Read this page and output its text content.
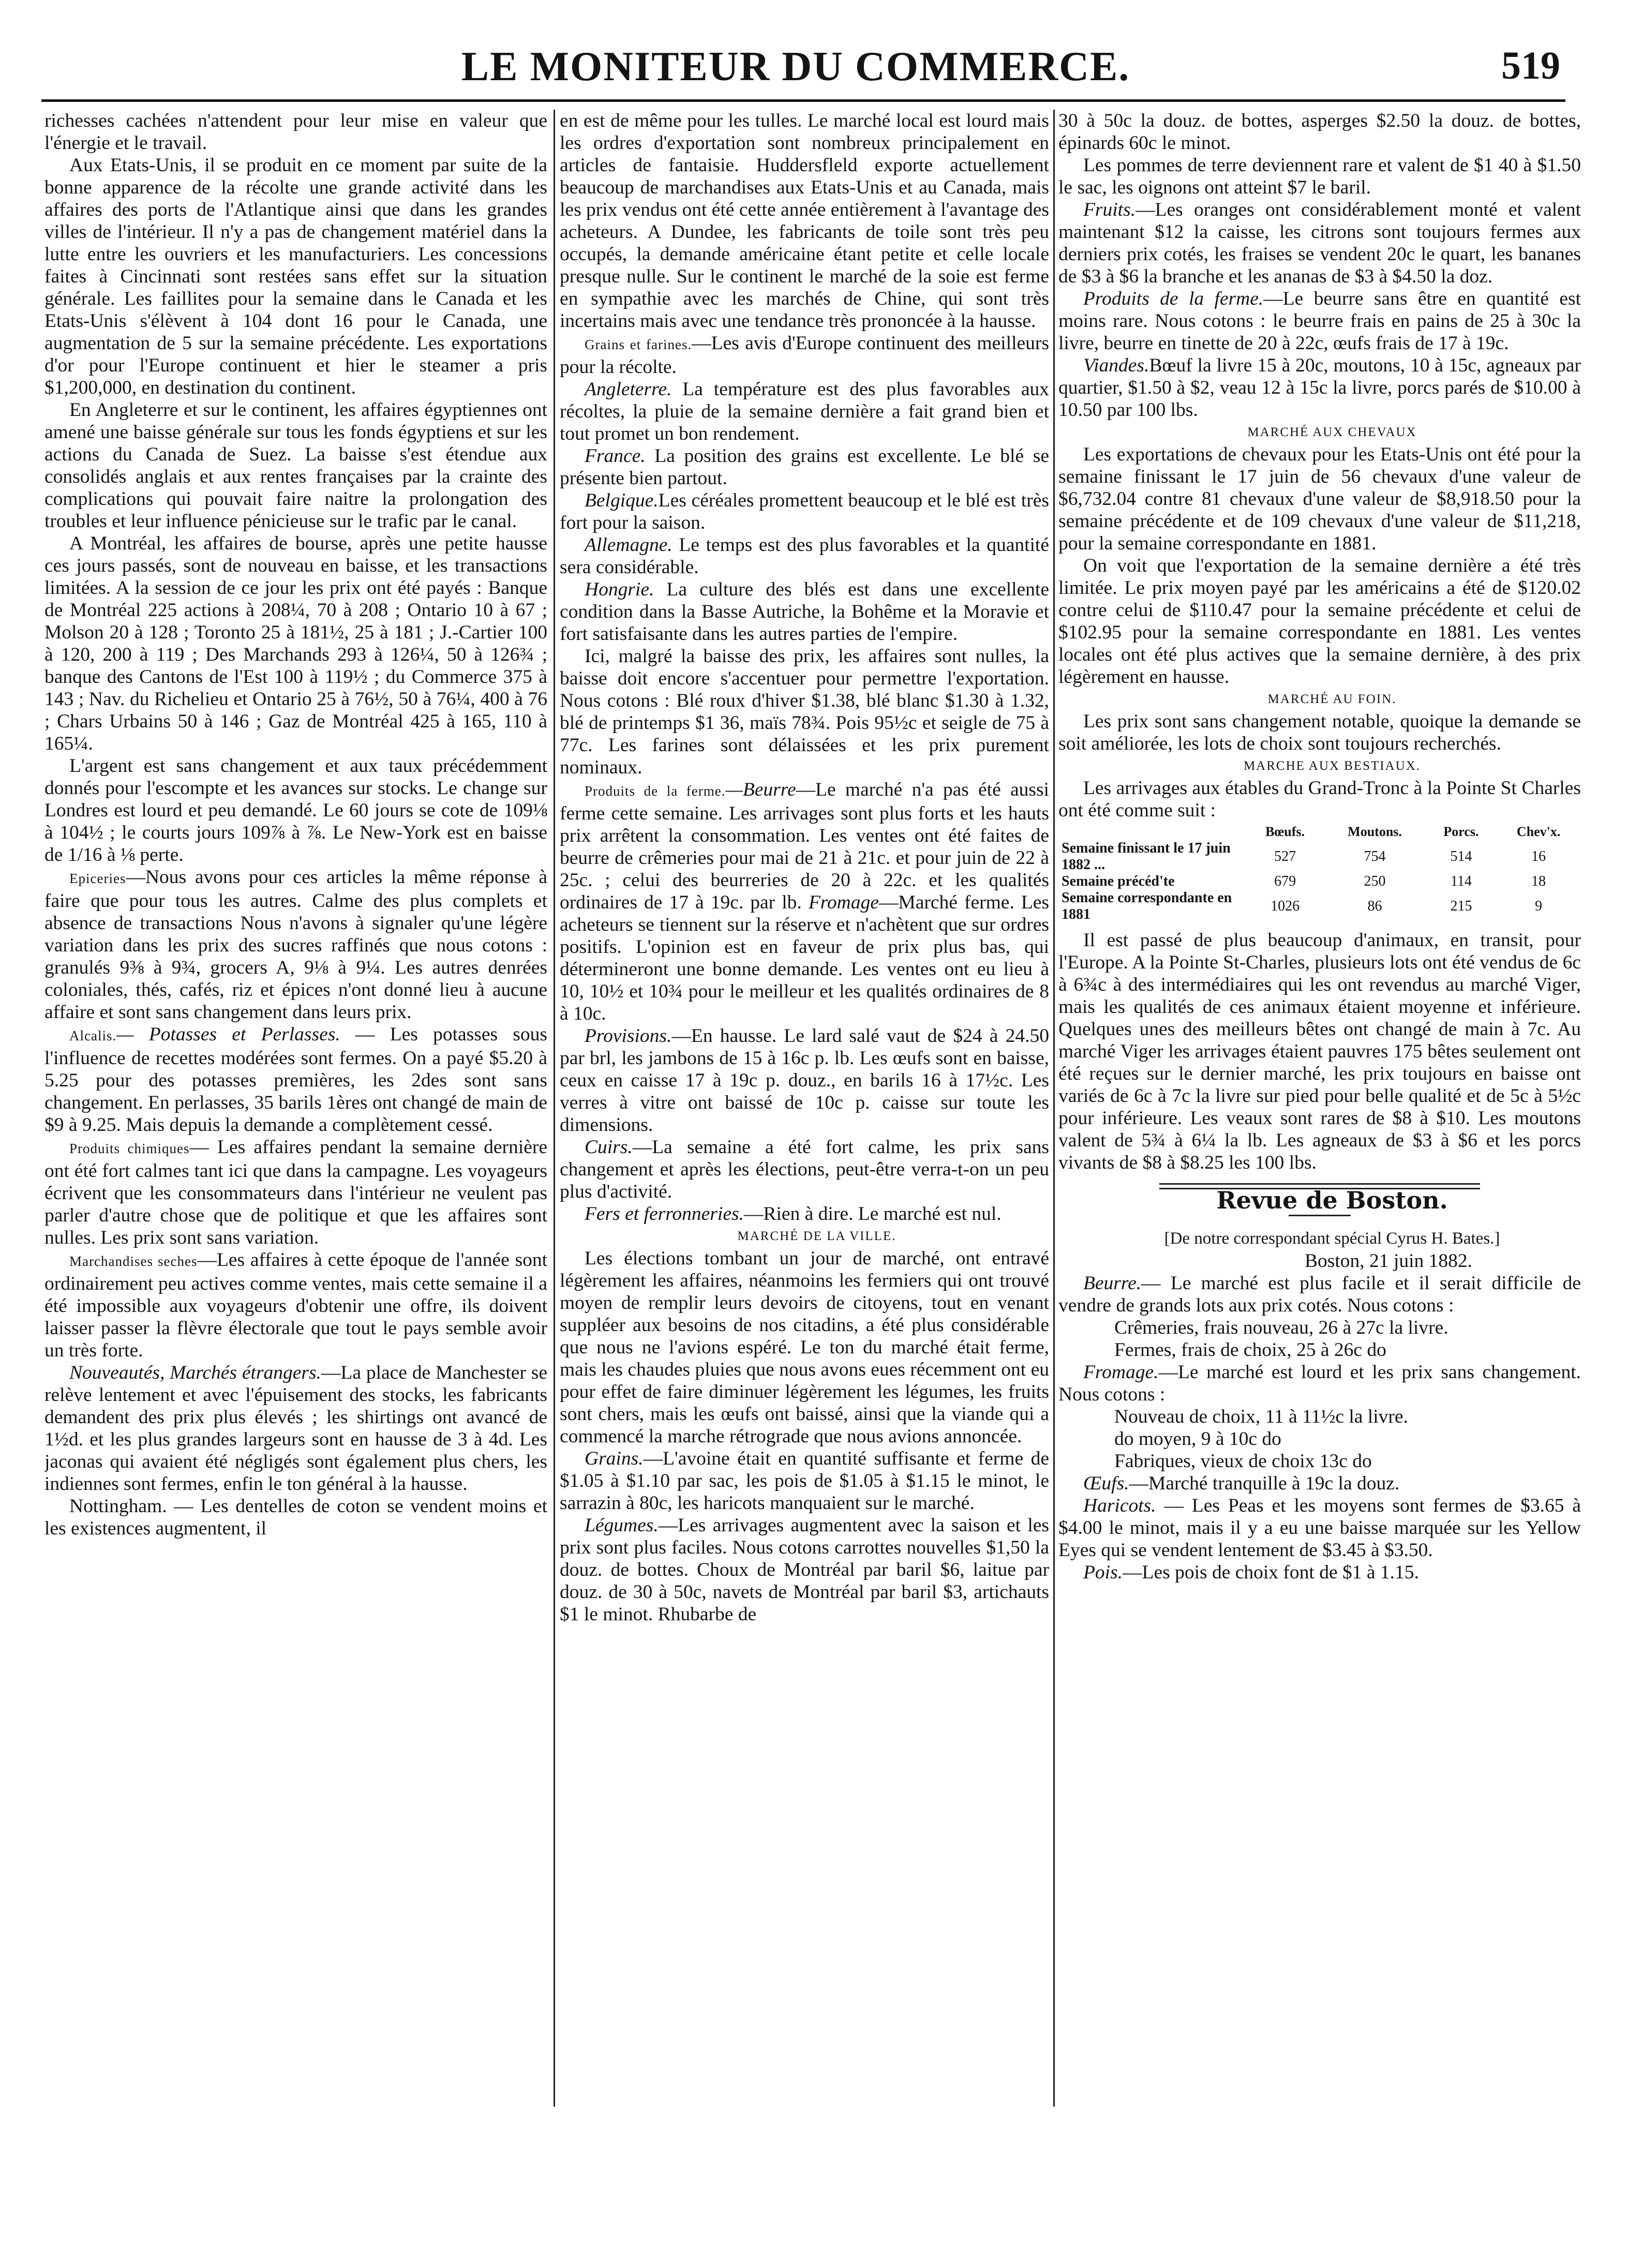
LE MONITEUR DU COMMERCE.	519

richesses cachées n'attendent pour leur mise en valeur que l'énergie et le travail.

Aux Etats-Unis, il se produit en ce moment par suite de la bonne apparence de la récolte une grande activité dans les affaires des ports de l'Atlantique ainsi que dans les grandes villes de l'intérieur. Il n'y a pas de changement matériel dans la lutte entre les ouvriers et les manufacturiers. Les concessions faites à Cincinnati sont restées sans effet sur la situation générale. Les faillites pour la semaine dans le Canada et les Etats-Unis s'élèvent à 104 dont 16 pour le Canada, une augmentation de 5 sur la semaine précédente. Les exportations d'or pour l'Europe continuent et hier le steamer a pris $1,200,000, en destination du continent.

En Angleterre et sur le continent, les affaires égyptiennes ont amené une baisse générale sur tous les fonds égyptiens et sur les actions du Canada de Suez. La baisse s'est étendue aux consolidés anglais et aux rentes françaises par la crainte des complications qui pouvait faire naitre la prolongation des troubles et leur influence pénicieuse sur le trafic par le canal.

A Montréal, les affaires de bourse, après une petite hausse ces jours passés, sont de nouveau en baisse, et les transactions limitées. A la session de ce jour les prix ont été payés : Banque de Montréal 225 actions à 208¼, 70 à 208 ; Ontario 10 à 67 ; Molson 20 à 128 ; Toronto 25 à 181½, 25 à 181 ; J.-Cartier 100 à 120, 200 à 119 ; Des Marchands 293 à 126¼, 50 à 126¾ ; banque des Cantons de l'Est 100 à 119½ ; du Commerce 375 à 143 ; Nav. du Richelieu et Ontario 25 à 76½, 50 à 76¼, 400 à 76 ; Chars Urbains 50 à 146 ; Gaz de Montréal 425 à 165, 110 à 165¼.

L'argent est sans changement et aux taux précédemment donnés pour l'escompte et les avances sur stocks. Le change sur Londres est lourd et peu demandé. Le 60 jours se cote de 109⅛ à 104½ ; le courts jours 109⅞ à ⅞. Le New-York est en baisse de 1/16 à ⅛ perte.

Epiceries—Nous avons pour ces articles la même réponse à faire que pour tous les autres. Calme des plus complets et absence de transactions Nous n'avons à signaler qu'une légère variation dans les prix des sucres raffinés que nous cotons : granulés 9⅜ à 9¾, grocers A, 9⅛ à 9¼. Les autres denrées coloniales, thés, cafés, riz et épices n'ont donné lieu à aucune affaire et sont sans changement dans leurs prix.

Alcalis.— Potasses et Perlasses. — Les potasses sous l'influence de recettes modérées sont fermes. On a payé $5.20 à 5.25 pour des potasses premières, les 2des sont sans changement. En perlasses, 35 barils 1ères ont changé de main de $9 à 9.25. Mais depuis la demande a complètement cessé.

Produits chimiques— Les affaires pendant la semaine dernière ont été fort calmes tant ici que dans la campagne. Les voyageurs écrivent que les consommateurs dans l'intérieur ne veulent pas parler d'autre chose que de politique et que les affaires sont nulles. Les prix sont sans variation.

Marchandises seches—Les affaires à cette époque de l'année sont ordinairement peu actives comme ventes, mais cette semaine il a été impossible aux voyageurs d'obtenir une offre, ils doivent laisser passer la flèvre électorale que tout le pays semble avoir un très forte.

Nouveautés, Marchés étrangers.—La place de Manchester se relève lentement et avec l'épuisement des stocks, les fabricants demandent des prix plus élevés ; les shirtings ont avancé de 1½d. et les plus grandes largeurs sont en hausse de 3 à 4d. Les jaconas qui avaient été négligés sont également plus chers, les indiennes sont fermes, enfin le ton général à la hausse.

Nottingham. — Les dentelles de coton se vendent moins et les existences augmentent, il

en est de même pour les tulles. Le marché local est lourd mais les ordres d'exportation sont nombreux principalement en articles de fantaisie. Huddersfleld exporte actuellement beaucoup de marchandises aux Etats-Unis et au Canada, mais les prix vendus ont été cette année entièrement à l'avantage des acheteurs. A Dundee, les fabricants de toile sont très peu occupés, la demande américaine étant petite et celle locale presque nulle. Sur le continent le marché de la soie est ferme en sympathie avec les marchés de Chine, qui sont très incertains mais avec une tendance très prononcée à la hausse.

Grains et farines.—Les avis d'Europe continuent des meilleurs pour la récolte.

Angleterre. La température est des plus favorables aux récoltes, la pluie de la semaine dernière a fait grand bien et tout promet un bon rendement.

France. La position des grains est excellente. Le blé se présente bien partout.

Belgique.Les céréales promettent beaucoup et le blé est très fort pour la saison.

Allemagne. Le temps est des plus favorables et la quantité sera considérable.

Hongrie. La culture des blés est dans une excellente condition dans la Basse Autriche, la Bohême et la Moravie et fort satisfaisante dans les autres parties de l'empire.

Ici, malgré la baisse des prix, les affaires sont nulles, la baisse doit encore s'accentuer pour permettre l'exportation. Nous cotons : Blé roux d'hiver $1.38, blé blanc $1.30 à 1.32, blé de printemps $1 36, maïs 78¾. Pois 95½c et seigle de 75 à 77c. Les farines sont délaissées et les prix purement nominaux.

Produits de la ferme.—Beurre—Le marché n'a pas été aussi ferme cette semaine. Les arrivages sont plus forts et les hauts prix arrêtent la consommation. Les ventes ont été faites de beurre de crêmeries pour mai de 21 à 21c. et pour juin de 22 à 25c. ; celui des beurreries de 20 à 22c. et les qualités ordinaires de 17 à 19c. par lb. Fromage—Marché ferme. Les acheteurs se tiennent sur la réserve et n'achètent que sur ordres positifs. L'opinion est en faveur de prix plus bas, qui détermineront une bonne demande. Les ventes ont eu lieu à 10, 10½ et 10¾ pour le meilleur et les qualités ordinaires de 8 à 10c.

Provisions.—En hausse. Le lard salé vaut de $24 à 24.50 par brl, les jambons de 15 à 16c p. lb. Les œufs sont en baisse, ceux en caisse 17 à 19c p. douz., en barils 16 à 17½c. Les verres à vitre ont baissé de 10c p. caisse sur toute les dimensions.

Cuirs.—La semaine a été fort calme, les prix sans changement et après les élections, peut-être verra-t-on un peu plus d'activité.

Fers et ferronneries.—Rien à dire. Le marché est nul.

MARCHÉ DE LA VILLE.

Les élections tombant un jour de marché, ont entravé légèrement les affaires, néanmoins les fermiers qui ont trouvé moyen de remplir leurs devoirs de citoyens, tout en venant suppléer aux besoins de nos citadins, a été plus considérable que nous ne l'avions espéré. Le ton du marché était ferme, mais les chaudes pluies que nous avons eues récemment ont eu pour effet de faire diminuer légèrement les légumes, les fruits sont chers, mais les œufs ont baissé, ainsi que la viande qui a commencé la marche rétrograde que nous avions annoncée.

Grains.—L'avoine était en quantité suffisante et ferme de $1.05 à $1.10 par sac, les pois de $1.05 à $1.15 le minot, le sarrazin à 80c, les haricots manquaient sur le marché.

Légumes.—Les arrivages augmentent avec la saison et les prix sont plus faciles. Nous cotons carrottes nouvelles $1,50 la douz. de bottes. Choux de Montréal par baril $6, laitue par douz. de 30 à 50c, navets de Montréal par baril $3, artichauts $1 le minot. Rhubarbe de

30 à 50c la douz. de bottes, asperges $2.50 la douz. de bottes, épinards 60c le minot.

Les pommes de terre deviennent rare et valent de $1 40 à $1.50 le sac, les oignons ont atteint $7 le baril.

Fruits.—Les oranges ont considérablement monté et valent maintenant $12 la caisse, les citrons sont toujours fermes aux derniers prix cotés, les fraises se vendent 20c le quart, les bananes de $3 à $6 la branche et les ananas de $3 à $4.50 la doz.

Produits de la ferme.—Le beurre sans être en quantité est moins rare. Nous cotons : le beurre frais en pains de 25 à 30c la livre, beurre en tinette de 20 à 22c, œufs frais de 17 à 19c.

Viandes.Bœuf la livre 15 à 20c, moutons, 10 à 15c, agneaux par quartier, $1.50 à $2, veau 12 à 15c la livre, porcs parés de $10.00 à 10.50 par 100 lbs.

MARCHÉ AUX CHEVAUX

Les exportations de chevaux pour les Etats-Unis ont été pour la semaine finissant le 17 juin de 56 chevaux d'une valeur de $6,732.04 contre 81 chevaux d'une valeur de $8,918.50 pour la semaine précédente et de 109 chevaux d'une valeur de $11,218, pour la semaine correspondante en 1881.

On voit que l'exportation de la semaine dernière a été très limitée. Le prix moyen payé par les américains a été de $120.02 contre celui de $110.47 pour la semaine précédente et celui de $102.95 pour la semaine correspondante en 1881. Les ventes locales ont été plus actives que la semaine dernière, à des prix légèrement en hausse.

MARCHÉ AU FOIN.

Les prix sont sans changement notable, quoique la demande se soit améliorée, les lots de choix sont toujours recherchés.

MARCHE AUX BESTIAUX.

Les arrivages aux étables du Grand-Tronc à la Pointe St Charles ont été comme suit :

	Bœufs.	Moutons.	Porcs.	Chev'x.
Semaine finissant le 17 juin 1882 ...	527	754	514	16
Semaine précéd'te	679	250	114	18
Semaine correspondante en 1881	1026	86	215	9

Il est passé de plus beaucoup d'animaux, en transit, pour l'Europe. A la Pointe St-Charles, plusieurs lots ont été vendus de 6c à 6¾c à des intermédiaires qui les ont revendus au marché Viger, mais les qualités de ces animaux étaient moyenne et inférieure. Quelques unes des meilleurs bêtes ont changé de main à 7c. Au marché Viger les arrivages étaient pauvres 175 bêtes seulement ont été reçues sur le dernier marché, les prix toujours en baisse ont variés de 6c à 7c la livre sur pied pour belle qualité et de 5c à 5½c pour inférieure. Les veaux sont rares de $8 à $10. Les moutons valent de 5¾ à 6¼ la lb. Les agneaux de $3 à $6 et les porcs vivants de $8 à $8.25 les 100 lbs.

Revue de Boston.

[De notre correspondant spécial Cyrus H. Bates.]

Boston, 21 juin 1882.

Beurre.— Le marché est plus facile et il serait difficile de vendre de grands lots aux prix cotés. Nous cotons :

Crêmeries, frais nouveau, 26 à 27c la livre.

Fermes, frais de choix, 25 à 26c do

Fromage.—Le marché est lourd et les prix sans changement. Nous cotons :

Nouveau de choix, 11 à 11½c la livre.

do moyen, 9 à 10c do

Fabriques, vieux de choix 13c do

Œufs.—Marché tranquille à 19c la douz.

Haricots. — Les Peas et les moyens sont fermes de $3.65 à $4.00 le minot, mais il y a eu une baisse marquée sur les Yellow Eyes qui se vendent lentement de $3.45 à $3.50.

Pois.—Les pois de choix font de $1 à 1.15.
